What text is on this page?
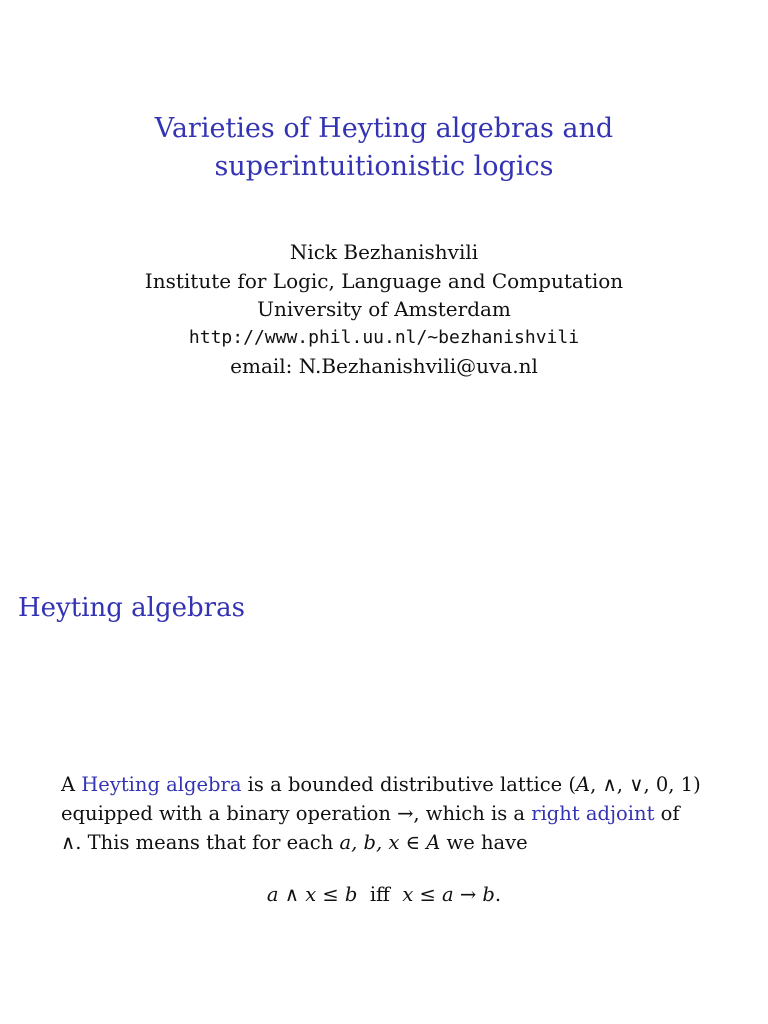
Varieties of Heyting algebras and
superintuitionistic logics
Nick Bezhanishvili
Institute for Logic, Language and Computation
University of Amsterdam
http://www.phil.uu.nl/~bezhanishvili
email: N.Bezhanishvili@uva.nl
Heyting algebras
A Heyting algebra is a bounded distributive lattice (A, ∧, ∨, 0, 1)
equipped with a binary operation →, which is a right adjoint of
∧. This means that for each a, b, x ∈ A we have
a ∧ x ≤ b  iff  x ≤ a → b.
